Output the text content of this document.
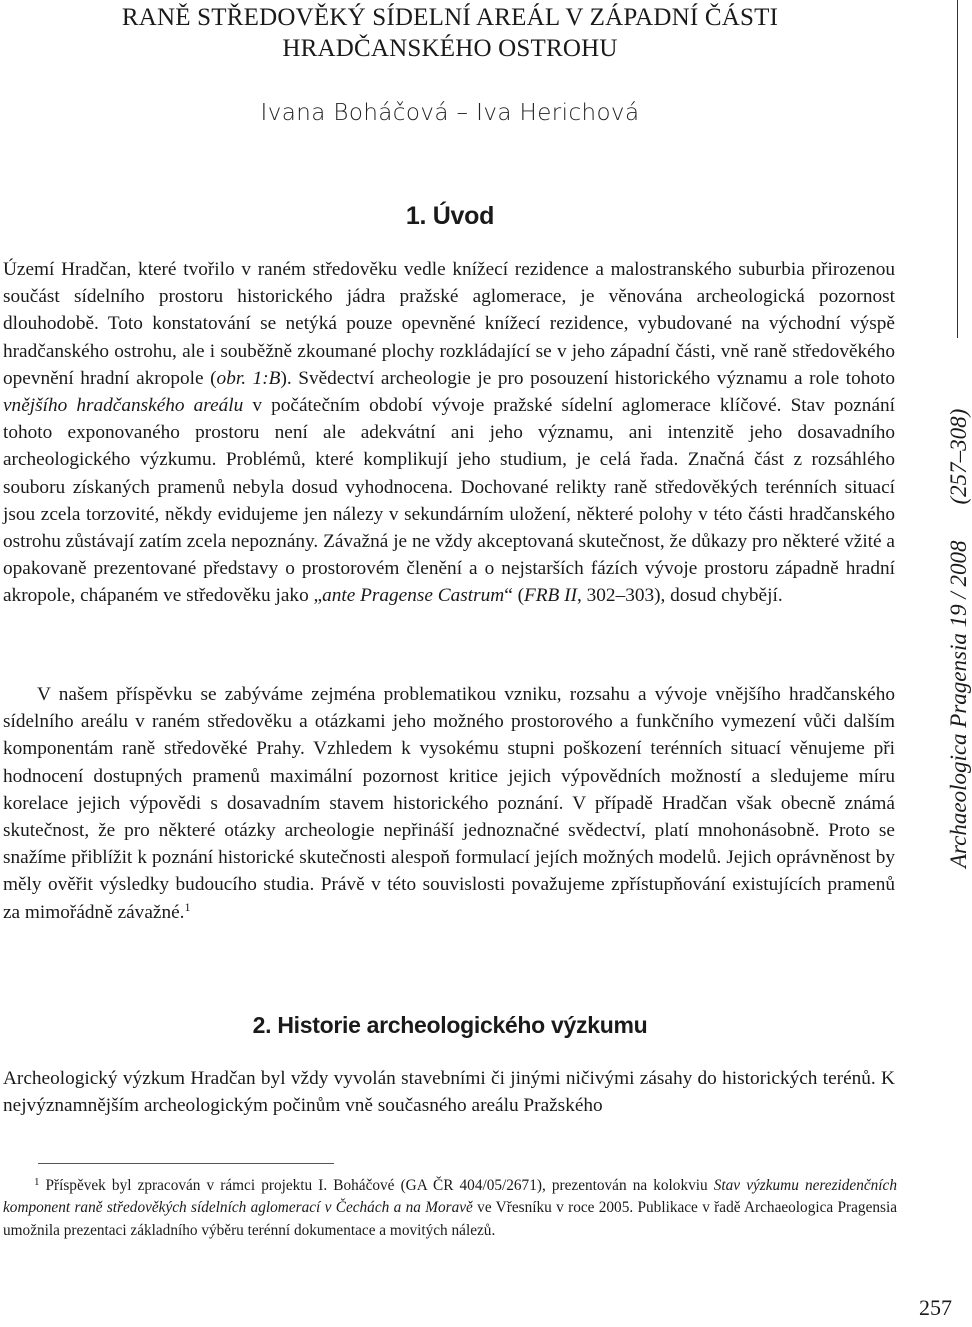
RANĚ STŘEDOVĚKÝ SÍDELNÍ AREÁL V ZÁPADNÍ ČÁSTI
HRADČANSKÉHO OSTROHU
Ivana Boháčová – Iva Herichová
1. Úvod
Území Hradčan, které tvořilo v raném středověku vedle knížecí rezidence a malostranského suburbia přirozenou součást sídelního prostoru historického jádra pražské aglomerace, je věnována archeologická pozornost dlouhodobě. Toto konstatování se netýká pouze opevněné knížecí rezidence, vybudované na východní výspě hradčanského ostrohu, ale i souběžně zkoumané plochy rozkládající se v jeho západní části, vně raně středověkého opevnění hradní akropole (obr. 1:B). Svědectví archeologie je pro posouzení historického významu a role tohoto vnějšího hradčanského areálu v počátečním období vývoje pražské sídelní aglomerace klíčové. Stav poznání tohoto exponovaného prostoru není ale adekvátní ani jeho významu, ani intenzitě jeho dosavadního archeologického výzkumu. Problémů, které komplikují jeho studium, je celá řada. Značná část z rozsáhlého souboru získaných pramenů nebyla dosud vyhodnocena. Dochované relikty raně středověkých terénních situací jsou zcela torzovité, někdy evidujeme jen nálezy v sekundárním uložení, některé polohy v této části hradčanského ostrohu zůstávají zatím zcela nepoznány. Závažná je ne vždy akceptovaná skutečnost, že důkazy pro některé vžité a opakovaně prezentované představy o prostorovém členění a o nejstarších fázích vývoje prostoru západně hradní akropole, chápaném ve středověku jako „ante Pragense Castrum“ (FRB II, 302–303), dosud chybějí.
V našem příspěvku se zabýváme zejména problematikou vzniku, rozsahu a vývoje vnějšího hradčanského sídelního areálu v raném středověku a otázkami jeho možného prostorového a funkčního vymezení vůči dalším komponentám raně středověké Prahy. Vzhledem k vysokému stupni poškození terénních situací věnujeme při hodnocení dostupných pramenů maximální pozornost kritice jejich výpovědních možností a sledujeme míru korelace jejich výpovědi s dosavadním stavem historického poznání. V případě Hradčan však obecně známá skutečnost, že pro některé otázky archeologie nepřináší jednoznačné svědectví, platí mnohonásobně. Proto se snažíme přiblížit k poznání historické skutečnosti alespoň formulací jejích možných modelů. Jejich oprávněnost by měly ověřit výsledky budoucího studia. Právě v této souvislosti považujeme zpřístupňování existujících pramenů za mimořádně závažné.$^1$
2. Historie archeologického výzkumu
Archeologický výzkum Hradčan byl vždy vyvolán stavebními či jinými ničivými zásahy do historických terénů. K nejvýznamnějším archeologickým počinům vně současného areálu Pražského
$^1$ Příspěvek byl zpracován v rámci projektu I. Boháčové (GA ČR 404/05/2671), prezentován na kolokviu Stav výzkumu nerezidenčních komponent raně středověkých sídelních aglomerací v Čechách a na Moravě ve Vřesníku v roce 2005. Publikace v řadě Archaeologica Pragensia umožnila prezentaci základního výběru terénní dokumentace a movitých nálezů.
Archaeologica Pragensia 19 / 2008(257–308)
257
